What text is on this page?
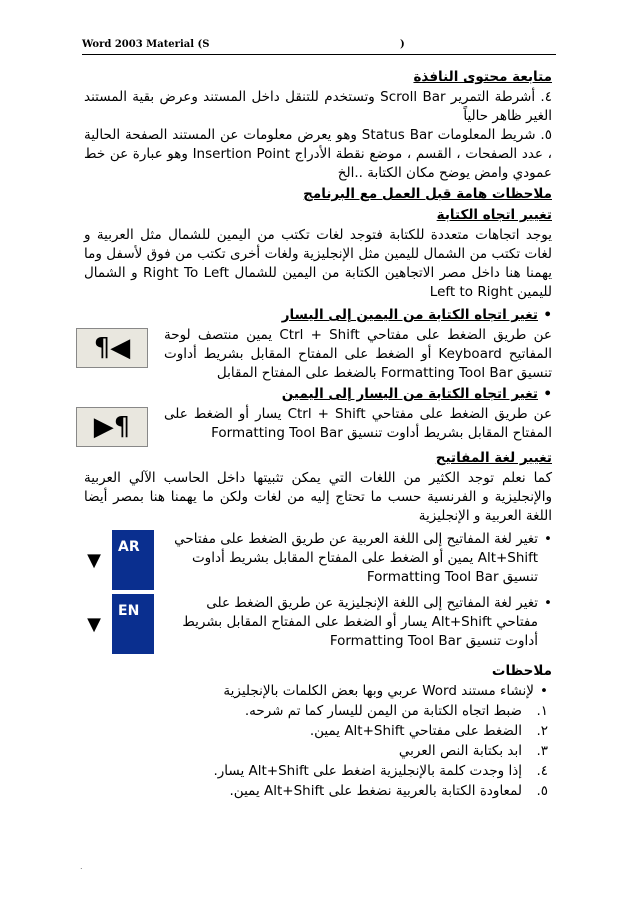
Word 2003 Material (S	)
متابعة محتوى النافذة

٤. أشرطة التمرير Scroll Bar وتستخدم للتنقل داخل المستند وعرض بقية المستند الغير ظاهر حالياً

٥. شريط المعلومات Status Bar وهو يعرض معلومات عن المستند الصفحة الحالية ، عدد الصفحات ، القسم ، موضع نقطة الأدراج Insertion Point وهو عبارة عن خط عمودي وامض يوضح مكان الكتابة ..الخ

ملاحظات هامة قبل العمل مع البرنامج
تغيير اتجاه الكتابة

يوجد اتجاهات متعددة للكتابة فتوجد لغات تكتب من اليمين للشمال مثل العربية و لغات تكتب من الشمال لليمين مثل الإنجليزية ولغات أخرى تكتب من فوق لأسفل وما يهمنا هنا داخل مصر الاتجاهين الكتابة من اليمين للشمال Right To Left و الشمال لليمين Left to Right

¶◀
• تغير اتجاه الكتابة من اليمين إلى اليسار

عن طريق الضغط على مفتاحي Ctrl + Shift يمين منتصف لوحة المفاتيح Keyboard أو الضغط على المفتاح المقابل بشريط أداوت تنسيق Formatting Tool Bar بالضغط على المفتاح المقابل

▶¶
• تغير اتجاه الكتابة من اليسار إلى اليمين

عن طريق الضغط على مفتاحي Ctrl + Shift يسار أو الضغط على المفتاح المقابل بشريط أداوت تنسيق Formatting Tool Bar

تغيير لغة المفاتيح

كما نعلم توجد الكثير من اللغات التي يمكن تثبيتها داخل الحاسب الآلي العربية والإنجليزية و الفرنسية حسب ما تحتاج إليه من لغات ولكن ما يهمنا هنا بمصر أيضا اللغة العربية و الإنجليزية

AR
▼
• تغير لغة المفاتيح إلى اللغة العربية عن طريق الضغط على مفتاحي Alt+Shift يمين أو الضغط على المفتاح المقابل بشريط أداوت تنسيق Formatting Tool Bar
EN
▼
• تغير لغة المفاتيح إلى اللغة الإنجليزية عن طريق الضغط على مفتاحي Alt+Shift يسار أو الضغط على المفتاح المقابل بشريط أداوت تنسيق Formatting Tool Bar
ملاحظات
• لإنشاء مستند Word عربي وبها بعض الكلمات بالإنجليزية
١.
ضبط اتجاه الكتابة من اليمن لليسار كما تم شرحه.
٢.
الضغط على مفتاحي Alt+Shift يمين.
٣.
ابد بكتابة النص العربي
٤.
إذا وجدت كلمة بالإنجليزية اضغط على Alt+Shift يسار.
٥.
لمعاودة الكتابة بالعربية نضغط على Alt+Shift يمين.
.
